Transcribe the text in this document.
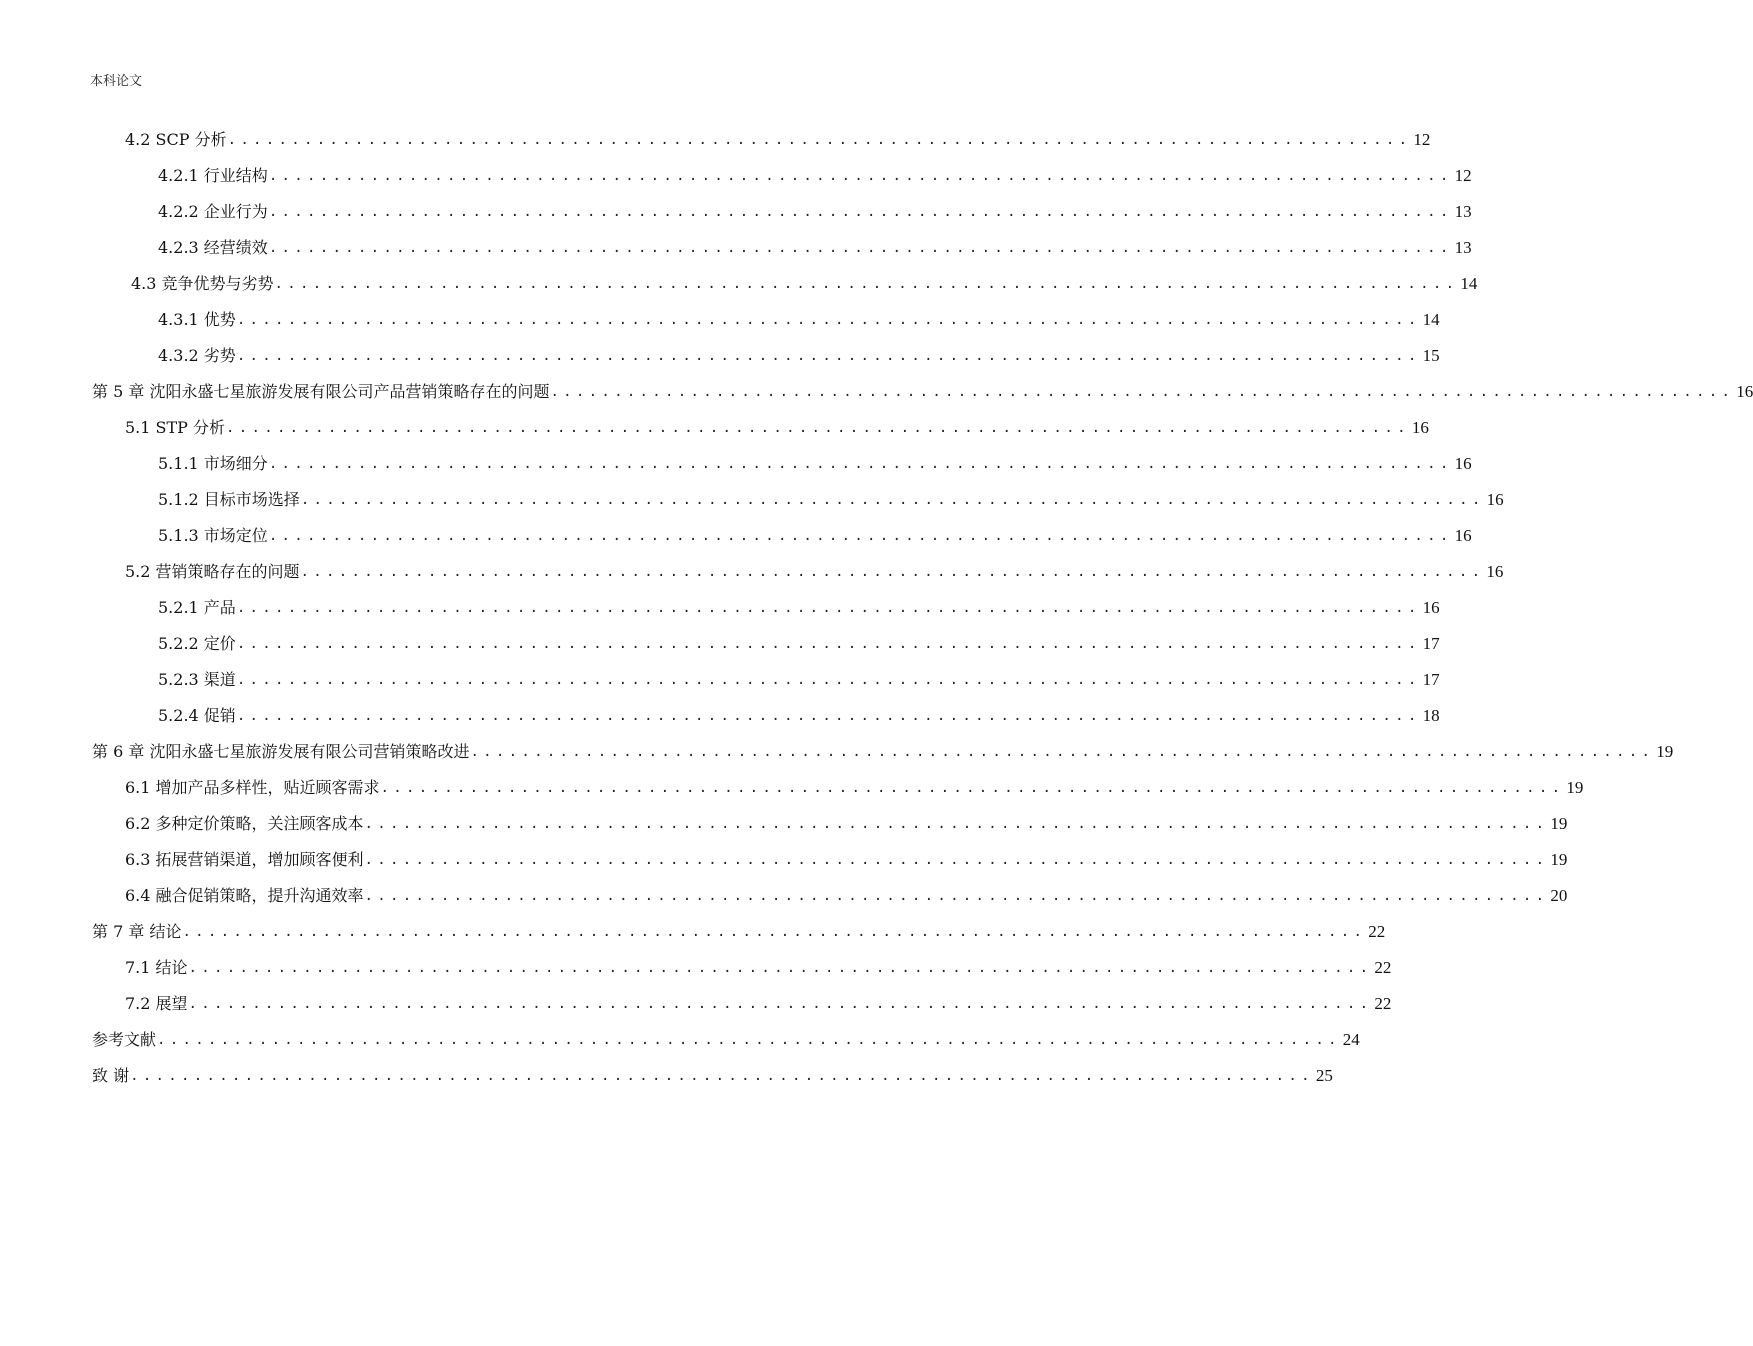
本科论文
4.2 SCP 分析 ............................................................................................. 12
4.2.1 行业结构 ............................................................................................. 12
4.2.2 企业行为 ............................................................................................. 13
4.2.3 经营绩效 ............................................................................................. 13
4.3 竞争优势与劣势 ............................................................................................. 14
4.3.1 优势 ............................................................................................. 14
4.3.2 劣势 ............................................................................................. 15
第 5 章 沈阳永盛七星旅游发展有限公司产品营销策略存在的问题 ............................................................................................. 16
5.1 STP 分析 ............................................................................................. 16
5.1.1 市场细分 ............................................................................................. 16
5.1.2 目标市场选择 ............................................................................................. 16
5.1.3 市场定位 ............................................................................................. 16
5.2 营销策略存在的问题 ............................................................................................. 16
5.2.1 产品 ............................................................................................. 16
5.2.2 定价 ............................................................................................. 17
5.2.3 渠道 ............................................................................................. 17
5.2.4 促销 ............................................................................................. 18
第 6 章 沈阳永盛七星旅游发展有限公司营销策略改进 ............................................................................................. 19
6.1 增加产品多样性，贴近顾客需求 ............................................................................................. 19
6.2 多种定价策略，关注顾客成本 ............................................................................................. 19
6.3 拓展营销渠道，增加顾客便利 ............................................................................................. 19
6.4 融合促销策略，提升沟通效率 ............................................................................................. 20
第 7 章 结论 ............................................................................................. 22
7.1 结论 ............................................................................................. 22
7.2 展望 ............................................................................................. 22
参考文献 ............................................................................................. 24
致 谢 ............................................................................................. 25
